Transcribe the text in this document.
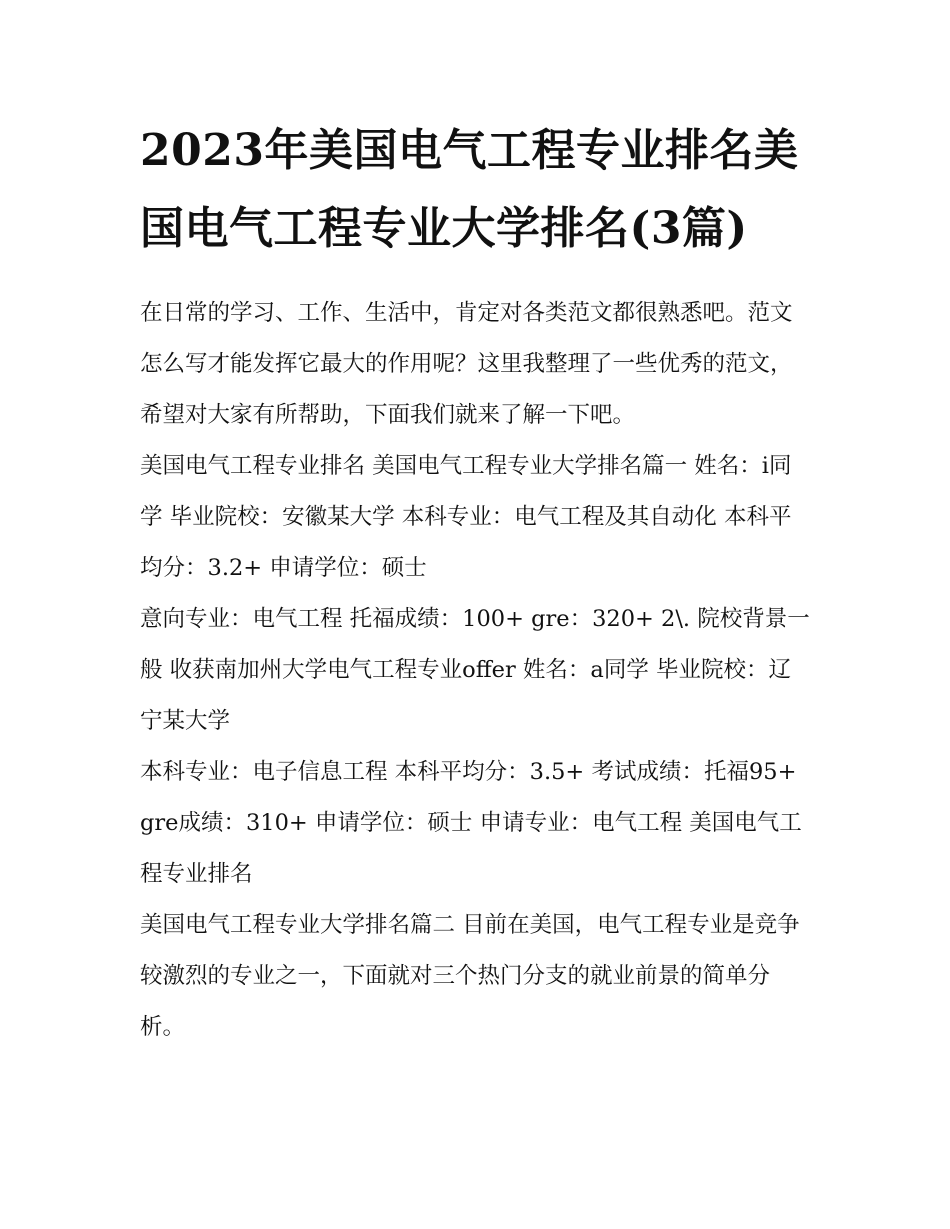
2023年美国电气工程专业排名美国电气工程专业大学排名(3篇)

在日常的学习、工作、生活中，肯定对各类范文都很熟悉吧。范文怎么写才能发挥它最大的作用呢？这里我整理了一些优秀的范文，希望对大家有所帮助，下面我们就来了解一下吧。

美国电气工程专业排名 美国电气工程专业大学排名篇一 姓名：i同学 毕业院校：安徽某大学 本科专业：电气工程及其自动化 本科平均分：3.2+ 申请学位：硕士

意向专业：电气工程 托福成绩：100+ gre：320+ 2\. 院校背景一般 收获南加州大学电气工程专业offer 姓名：a同学 毕业院校：辽宁某大学

本科专业：电子信息工程 本科平均分：3.5+ 考试成绩：托福95+ gre成绩：310+ 申请学位：硕士 申请专业：电气工程 美国电气工程专业排名

美国电气工程专业大学排名篇二 目前在美国，电气工程专业是竞争较激烈的专业之一，下面就对三个热门分支的就业前景的简单分析。
